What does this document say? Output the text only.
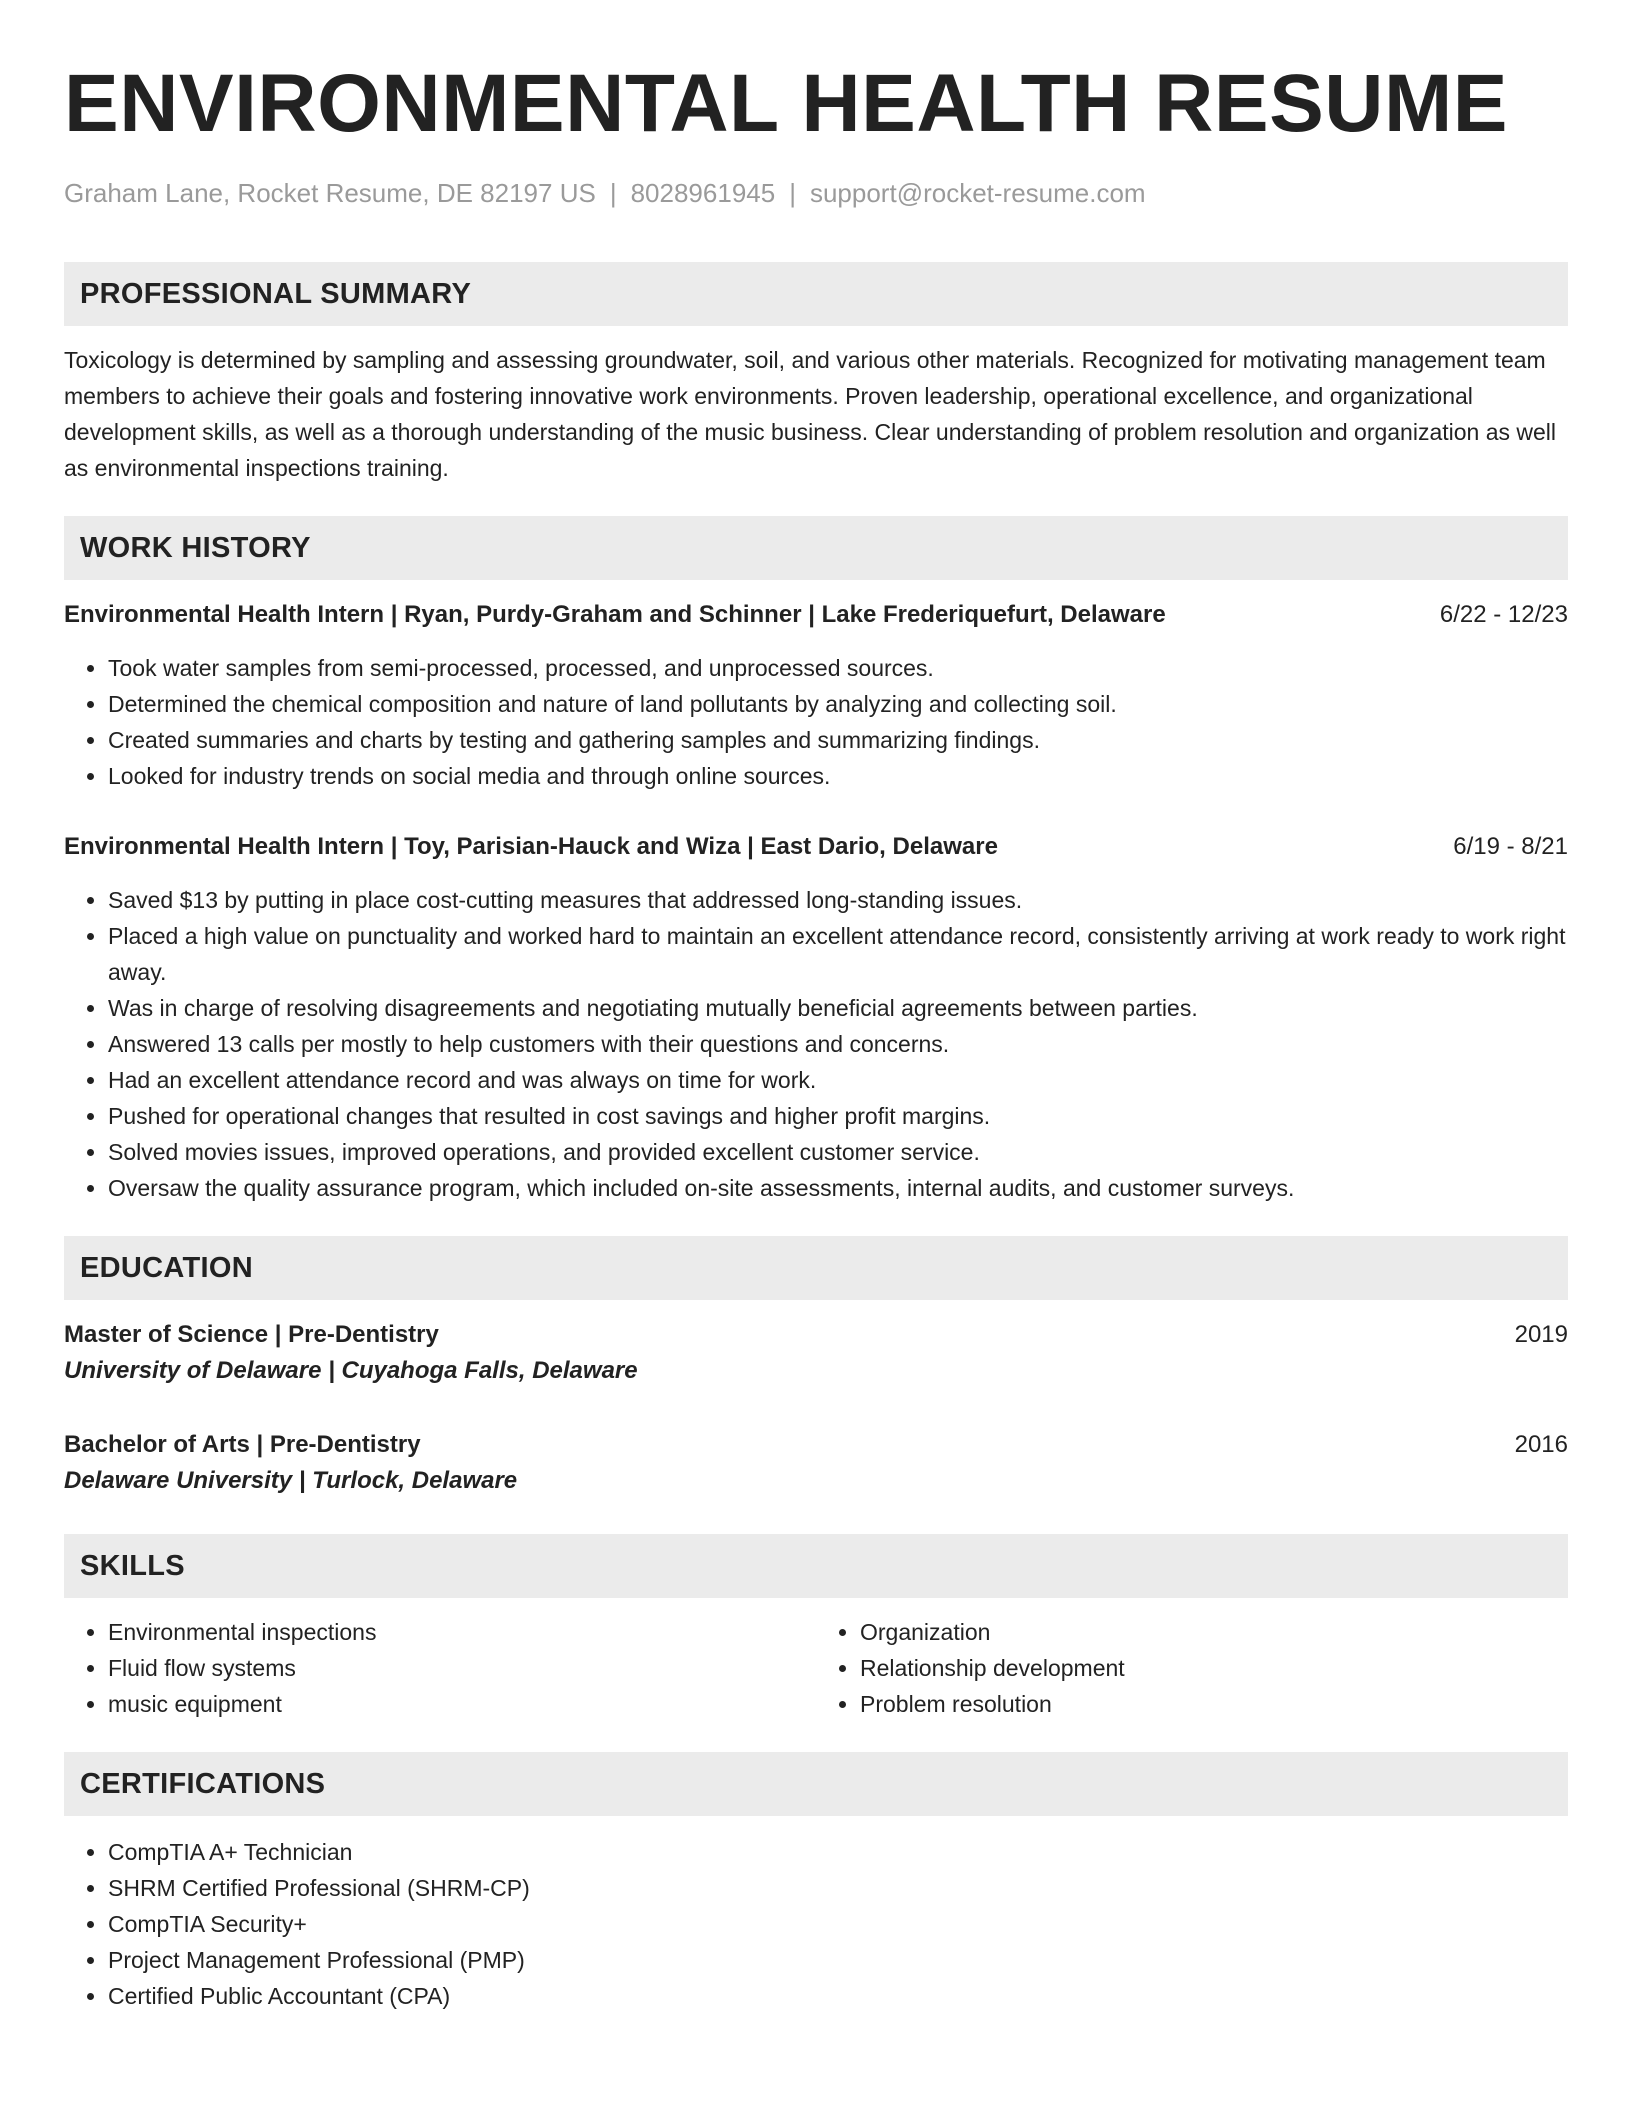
ENVIRONMENTAL HEALTH RESUME
Graham Lane, Rocket Resume, DE 82197 US | 8028961945 | support@rocket-resume.com
PROFESSIONAL SUMMARY

Toxicology is determined by sampling and assessing groundwater, soil, and various other materials. Recognized for motivating management team members to achieve their goals and fostering innovative work environments. Proven leadership, operational excellence, and organizational development skills, as well as a thorough understanding of the music business. Clear understanding of problem resolution and organization as well as environmental inspections training.

WORK HISTORY
Environmental Health Intern | Ryan, Purdy-Graham and Schinner | Lake Frederiquefurt, Delaware	6/22 - 12/23
• Took water samples from semi-processed, processed, and unprocessed sources.
• Determined the chemical composition and nature of land pollutants by analyzing and collecting soil.
• Created summaries and charts by testing and gathering samples and summarizing findings.
• Looked for industry trends on social media and through online sources.
Environmental Health Intern | Toy, Parisian-Hauck and Wiza | East Dario, Delaware	6/19 - 8/21
• Saved $13 by putting in place cost-cutting measures that addressed long-standing issues.
• Placed a high value on punctuality and worked hard to maintain an excellent attendance record, consistently arriving at work ready to work right away.
• Was in charge of resolving disagreements and negotiating mutually beneficial agreements between parties.
• Answered 13 calls per mostly to help customers with their questions and concerns.
• Had an excellent attendance record and was always on time for work.
• Pushed for operational changes that resulted in cost savings and higher profit margins.
• Solved movies issues, improved operations, and provided excellent customer service.
• Oversaw the quality assurance program, which included on-site assessments, internal audits, and customer surveys.
EDUCATION
Master of Science | Pre-Dentistry	2019
University of Delaware | Cuyahoga Falls, Delaware
Bachelor of Arts | Pre-Dentistry	2016
Delaware University | Turlock, Delaware
SKILLS
• Environmental inspections
• Fluid flow systems
• music equipment
• Organization
• Relationship development
• Problem resolution
CERTIFICATIONS
• CompTIA A+ Technician
• SHRM Certified Professional (SHRM-CP)
• CompTIA Security+
• Project Management Professional (PMP)
• Certified Public Accountant (CPA)
